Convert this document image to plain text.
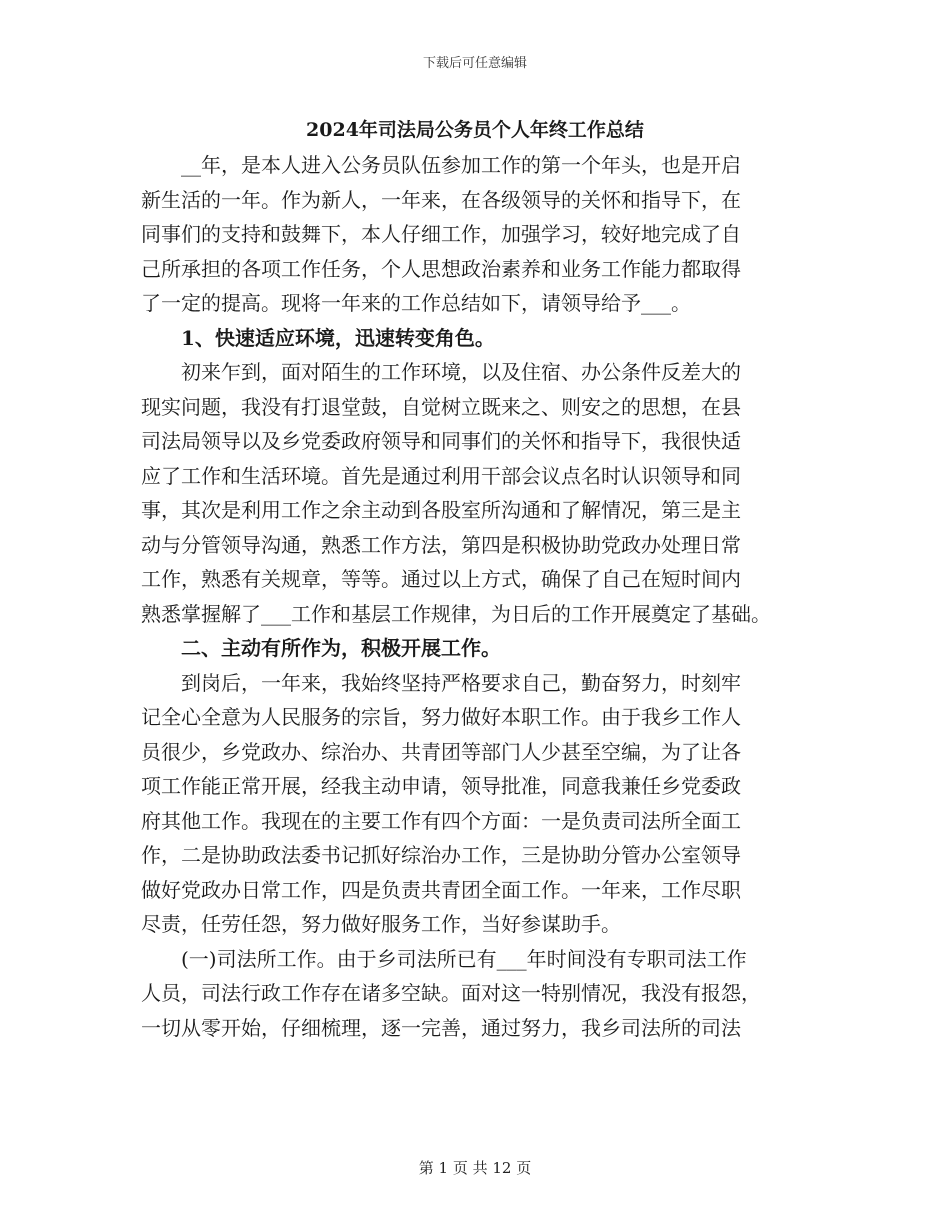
下载后可任意编辑
2024年司法局公务员个人年终工作总结
　　__年，是本人进入公务员队伍参加工作的第一个年头，也是开启
新生活的一年。作为新人，一年来，在各级领导的关怀和指导下，在
同事们的支持和鼓舞下，本人仔细工作，加强学习，较好地完成了自
己所承担的各项工作任务，个人思想政治素养和业务工作能力都取得
了一定的提高。现将一年来的工作总结如下，请领导给予___。
　　1、快速适应环境，迅速转变角色。
　　初来乍到，面对陌生的工作环境，以及住宿、办公条件反差大的
现实问题，我没有打退堂鼓，自觉树立既来之、则安之的思想，在县
司法局领导以及乡党委政府领导和同事们的关怀和指导下，我很快适
应了工作和生活环境。首先是通过利用干部会议点名时认识领导和同
事，其次是利用工作之余主动到各股室所沟通和了解情况，第三是主
动与分管领导沟通，熟悉工作方法，第四是积极协助党政办处理日常
工作，熟悉有关规章，等等。通过以上方式，确保了自己在短时间内
熟悉掌握解了___工作和基层工作规律，为日后的工作开展奠定了基础。
　　二、主动有所作为，积极开展工作。
　　到岗后，一年来，我始终坚持严格要求自己，勤奋努力，时刻牢
记全心全意为人民服务的宗旨，努力做好本职工作。由于我乡工作人
员很少，乡党政办、综治办、共青团等部门人少甚至空编，为了让各
项工作能正常开展，经我主动申请，领导批准，同意我兼任乡党委政
府其他工作。我现在的主要工作有四个方面：一是负责司法所全面工
作，二是协助政法委书记抓好综治办工作，三是协助分管办公室领导
做好党政办日常工作，四是负责共青团全面工作。一年来，工作尽职
尽责，任劳任怨，努力做好服务工作，当好参谋助手。
　　(一)司法所工作。由于乡司法所已有___年时间没有专职司法工作
人员，司法行政工作存在诸多空缺。面对这一特别情况，我没有报怨，
一切从零开始，仔细梳理，逐一完善，通过努力，我乡司法所的司法
第 1 页 共 12 页
